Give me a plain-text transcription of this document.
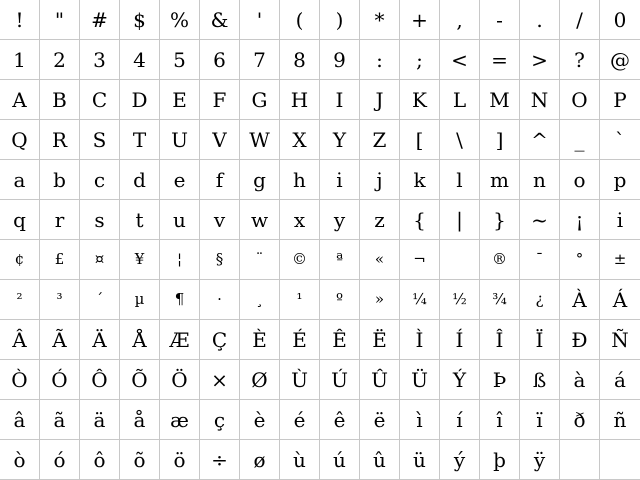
! " # $ % & ' ( ) * + , - . / 0
1 2 3 4 5 6 7 8 9 : ; < = > ? @
A B C D E F G H I J K L M N O P
Q R S T U V W X Y Z [ \ ] ^ _ `
a b c d e f g h i j k l m n o p
q r s t u v w x y z { | } ~ ¡ i
¢ £ ¤ ¥ ¦ § ¨ © ª « ¬	® ¯ ° ±
² ³ ´ µ ¶ · ¸ ¹ º » ¼ ½ ¾ ¿ À Á
Â Ã Ä Å Æ Ç È É Ê Ë Ì Í Î Ï Ð Ñ
Ò Ó Ô Õ Ö × Ø Ù Ú Û Ü Ý Þ ß à á
â ã ä å æ ç è é ê ë ì í î ï ð ñ
ò ó ô õ ö ÷ ø ù ú û ü ý þ ÿ
